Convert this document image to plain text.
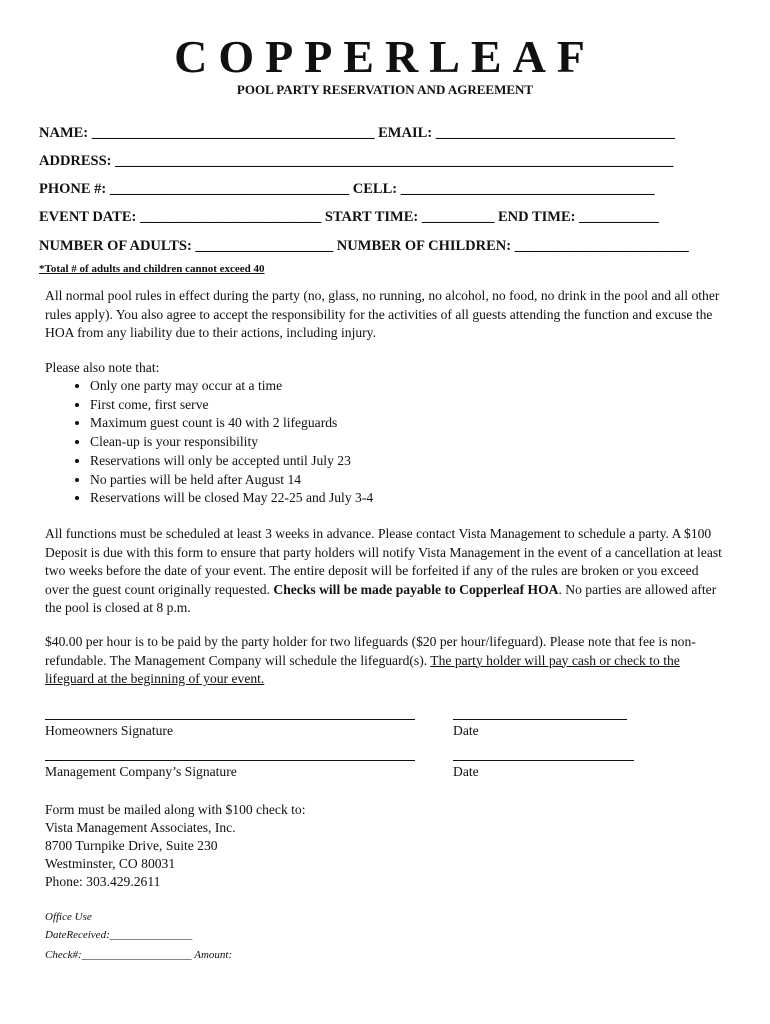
COPPERLEAF
POOL PARTY RESERVATION AND AGREEMENT
NAME: _______________________________________ EMAIL: _________________________________
ADDRESS: _____________________________________________________________________________
PHONE #: _________________________________ CELL: ___________________________________
EVENT DATE: _________________________ START TIME: __________ END TIME: ___________
NUMBER OF ADULTS: ___________________ NUMBER OF CHILDREN: ________________________
*Total # of adults and children cannot exceed 40
All normal pool rules in effect during the party (no, glass, no running, no alcohol, no food, no drink in the pool and all other rules apply). You also agree to accept the responsibility for the activities of all guests attending the function and excuse the HOA from any liability due to their actions, including injury.
Please also note that:
• Only one party may occur at a time
• First come, first serve
• Maximum guest count is 40 with 2 lifeguards
• Clean-up is your responsibility
• Reservations will only be accepted until July 23
• No parties will be held after August 14
• Reservations will be closed May 22-25 and July 3-4
All functions must be scheduled at least 3 weeks in advance. Please contact Vista Management to schedule a party. A $100 Deposit is due with this form to ensure that party holders will notify Vista Management in the event of a cancellation at least two weeks before the date of your event. The entire deposit will be forfeited if any of the rules are broken or you exceed over the guest count originally requested. Checks will be made payable to Copperleaf HOA. No parties are allowed after the pool is closed at 8 p.m.
$40.00 per hour is to be paid by the party holder for two lifeguards ($20 per hour/lifeguard). Please note that fee is non-refundable. The Management Company will schedule the lifeguard(s). The party holder will pay cash or check to the lifeguard at the beginning of your event.
Homeowners Signature	Date
Management Company’s Signature	Date
Form must be mailed along with $100 check to:
Vista Management Associates, Inc.
8700 Turnpike Drive, Suite 230
Westminster, CO 80031
Phone: 303.429.2611
Office Use
DateReceived:_______________
Check#:____________________ Amount:
